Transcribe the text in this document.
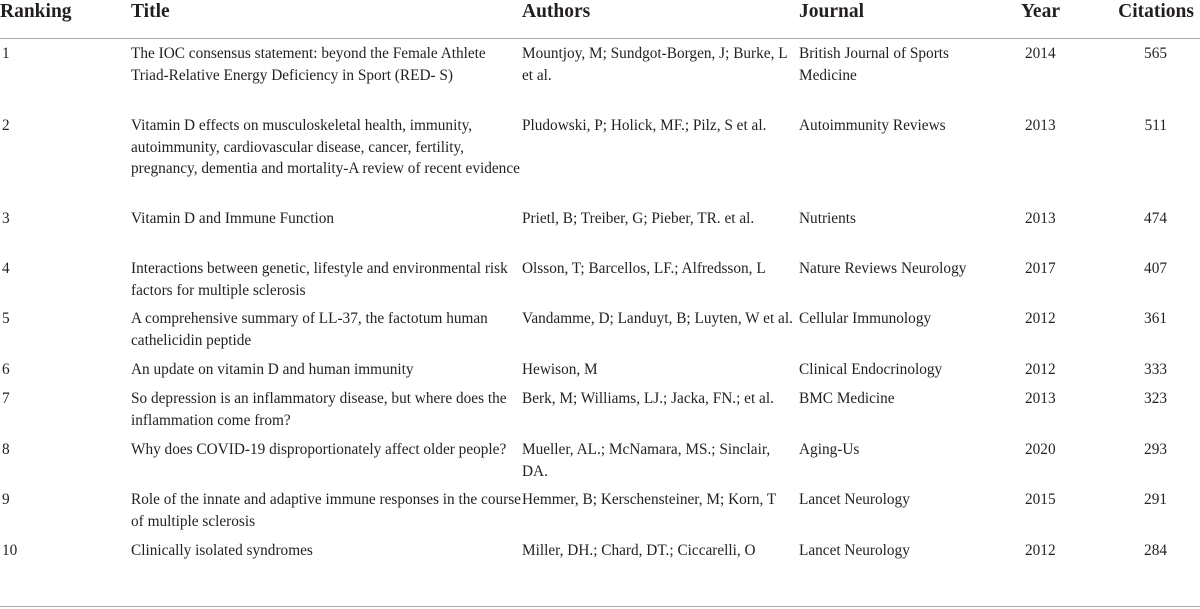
Ranking	Title	Authors	Journal	Year	Citations
1	The IOC consensus statement: beyond the Female Athlete Triad-Relative Energy Deficiency in Sport (RED- S)	Mountjoy, M; Sundgot-Borgen, J; Burke, L et al.	British Journal of Sports Medicine	2014	565
2	Vitamin D effects on musculoskeletal health, immunity, autoimmunity, cardiovascular disease, cancer, fertility, pregnancy, dementia and mortality-A review of recent evidence	Pludowski, P; Holick, MF.; Pilz, S et al.	Autoimmunity Reviews	2013	511
3	Vitamin D and Immune Function	Prietl, B; Treiber, G; Pieber, TR. et al.	Nutrients	2013	474
4	Interactions between genetic, lifestyle and environmental risk factors for multiple sclerosis	Olsson, T; Barcellos, LF.; Alfredsson, L	Nature Reviews Neurology	2017	407
5	A comprehensive summary of LL-37, the factotum human cathelicidin peptide	Vandamme, D; Landuyt, B; Luyten, W et al.	Cellular Immunology	2012	361
6	An update on vitamin D and human immunity	Hewison, M	Clinical Endocrinology	2012	333
7	So depression is an inflammatory disease, but where does the inflammation come from?	Berk, M; Williams, LJ.; Jacka, FN.; et al.	BMC Medicine	2013	323
8	Why does COVID-19 disproportionately affect older people?	Mueller, AL.; McNamara, MS.; Sinclair, DA.	Aging-Us	2020	293
9	Role of the innate and adaptive immune responses in the course of multiple sclerosis	Hemmer, B; Kerschensteiner, M; Korn, T	Lancet Neurology	2015	291
10	Clinically isolated syndromes	Miller, DH.; Chard, DT.; Ciccarelli, O	Lancet Neurology	2012	284
